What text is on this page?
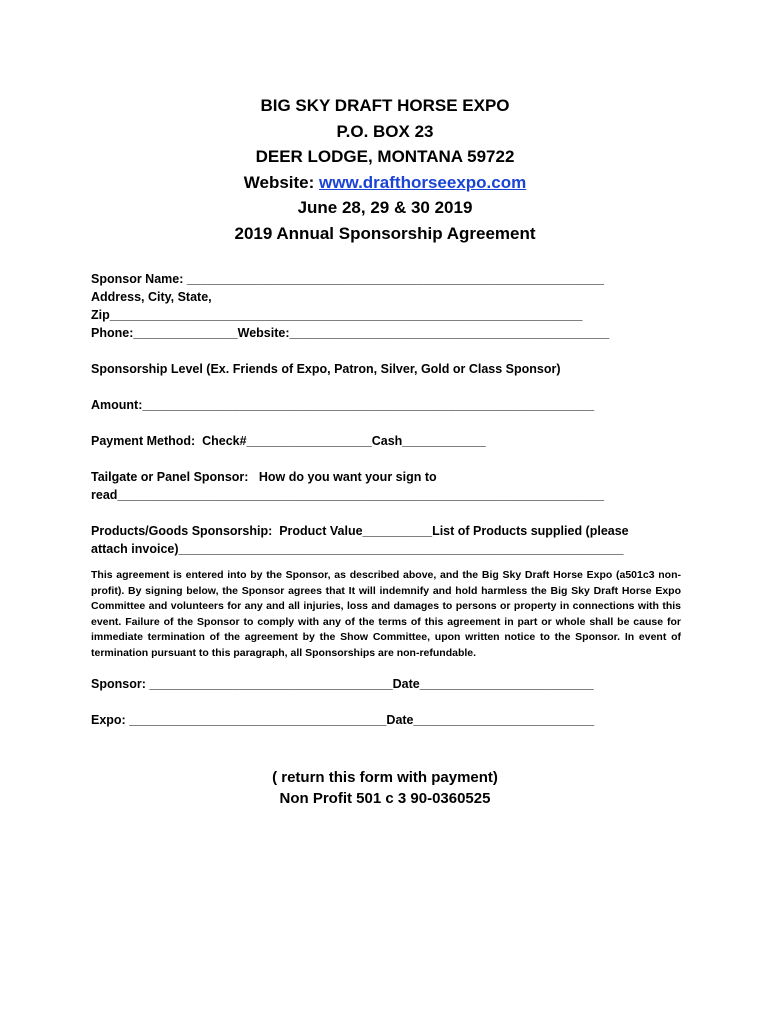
BIG SKY DRAFT HORSE EXPO
P.O. BOX 23
DEER LODGE, MONTANA 59722
Website: www.drafthorseexpo.com
June 28, 29 & 30 2019
2019 Annual Sponsorship Agreement
Sponsor Name: ____________________________________________________________
Address, City, State,
Zip____________________________________________________________________
Phone:_______________Website:______________________________________________
Sponsorship Level (Ex. Friends of Expo, Patron, Silver, Gold or Class Sponsor)
Amount:_________________________________________________________________
Payment Method:  Check#__________________Cash____________
Tailgate or Panel Sponsor:   How do you want your sign to
read______________________________________________________________________
Products/Goods Sponsorship:  Product Value__________List of Products supplied (please
attach invoice)________________________________________________________________
This agreement is entered into by the Sponsor, as described above, and the Big Sky Draft Horse Expo (a501c3 non-profit). By signing below, the Sponsor agrees that It will indemnify and hold harmless the Big Sky Draft Horse Expo Committee and volunteers for any and all injuries, loss and damages to persons or property in connections with this event. Failure of the Sponsor to comply with any of the terms of this agreement in part or whole shall be cause for immediate termination of the agreement by the Show Committee, upon written notice to the Sponsor. In event of termination pursuant to this paragraph, all Sponsorships are non-refundable.
Sponsor: ___________________________________Date_________________________
Expo: _____________________________________Date__________________________
( return this form with payment)
Non Profit 501 c 3 90-0360525
